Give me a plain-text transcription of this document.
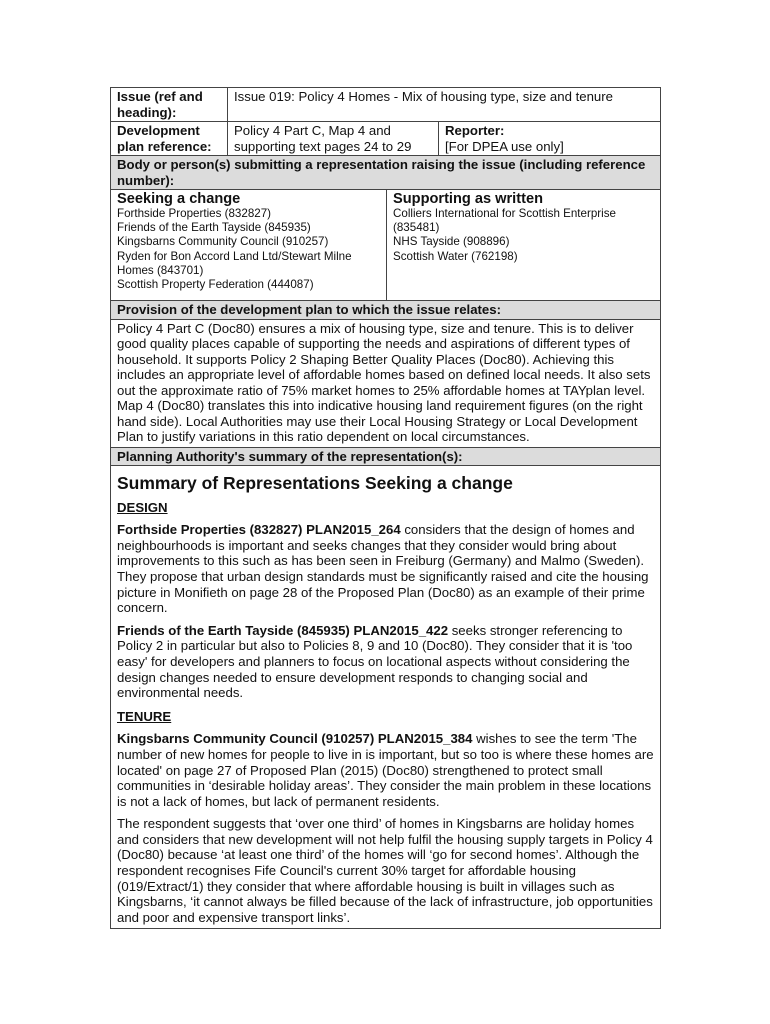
Issue (ref and heading):
Issue 019: Policy 4 Homes - Mix of housing type, size and tenure
Development plan reference:
Policy 4 Part C, Map 4 and supporting text pages 24 to 29
Reporter:
[For DPEA use only]
Body or person(s) submitting a representation raising the issue (including reference number):
Seeking a change
Forthside Properties (832827)
Friends of the Earth Tayside (845935)
Kingsbarns Community Council (910257)
Ryden for Bon Accord Land Ltd/Stewart Milne Homes (843701)
Scottish Property Federation (444087)
Supporting as written
Colliers International for Scottish Enterprise (835481)
NHS Tayside (908896)
Scottish Water (762198)
Provision of the development plan to which the issue relates:
Policy 4 Part C (Doc80) ensures a mix of housing type, size and tenure. This is to deliver good quality places capable of supporting the needs and aspirations of different types of household. It supports Policy 2 Shaping Better Quality Places (Doc80). Achieving this includes an appropriate level of affordable homes based on defined local needs. It also sets out the approximate ratio of 75% market homes to 25% affordable homes at TAYplan level. Map 4 (Doc80) translates this into indicative housing land requirement figures (on the right hand side). Local Authorities may use their Local Housing Strategy or Local Development Plan to justify variations in this ratio dependent on local circumstances.
Planning Authority's summary of the representation(s):
Summary of Representations Seeking a change
DESIGN

Forthside Properties (832827) PLAN2015_264 considers that the design of homes and neighbourhoods is important and seeks changes that they consider would bring about improvements to this such as has been seen in Freiburg (Germany) and Malmo (Sweden). They propose that urban design standards must be significantly raised and cite the housing picture in Monifieth on page 28 of the Proposed Plan (Doc80) as an example of their prime concern.

Friends of the Earth Tayside (845935) PLAN2015_422 seeks stronger referencing to Policy 2 in particular but also to Policies 8, 9 and 10 (Doc80). They consider that it is 'too easy' for developers and planners to focus on locational aspects without considering the design changes needed to ensure development responds to changing social and environmental needs.

TENURE

Kingsbarns Community Council (910257) PLAN2015_384 wishes to see the term 'The number of new homes for people to live in is important, but so too is where these homes are located' on page 27 of Proposed Plan (2015) (Doc80) strengthened to protect small communities in ‘desirable holiday areas’. They consider the main problem in these locations is not a lack of homes, but lack of permanent residents.

The respondent suggests that ‘over one third’ of homes in Kingsbarns are holiday homes and considers that new development will not help fulfil the housing supply targets in Policy 4 (Doc80) because ‘at least one third’ of the homes will ‘go for second homes’. Although the respondent recognises Fife Council's current 30% target for affordable housing (019/Extract/1) they consider that where affordable housing is built in villages such as Kingsbarns, ‘it cannot always be filled because of the lack of infrastructure, job opportunities and poor and expensive transport links’.
